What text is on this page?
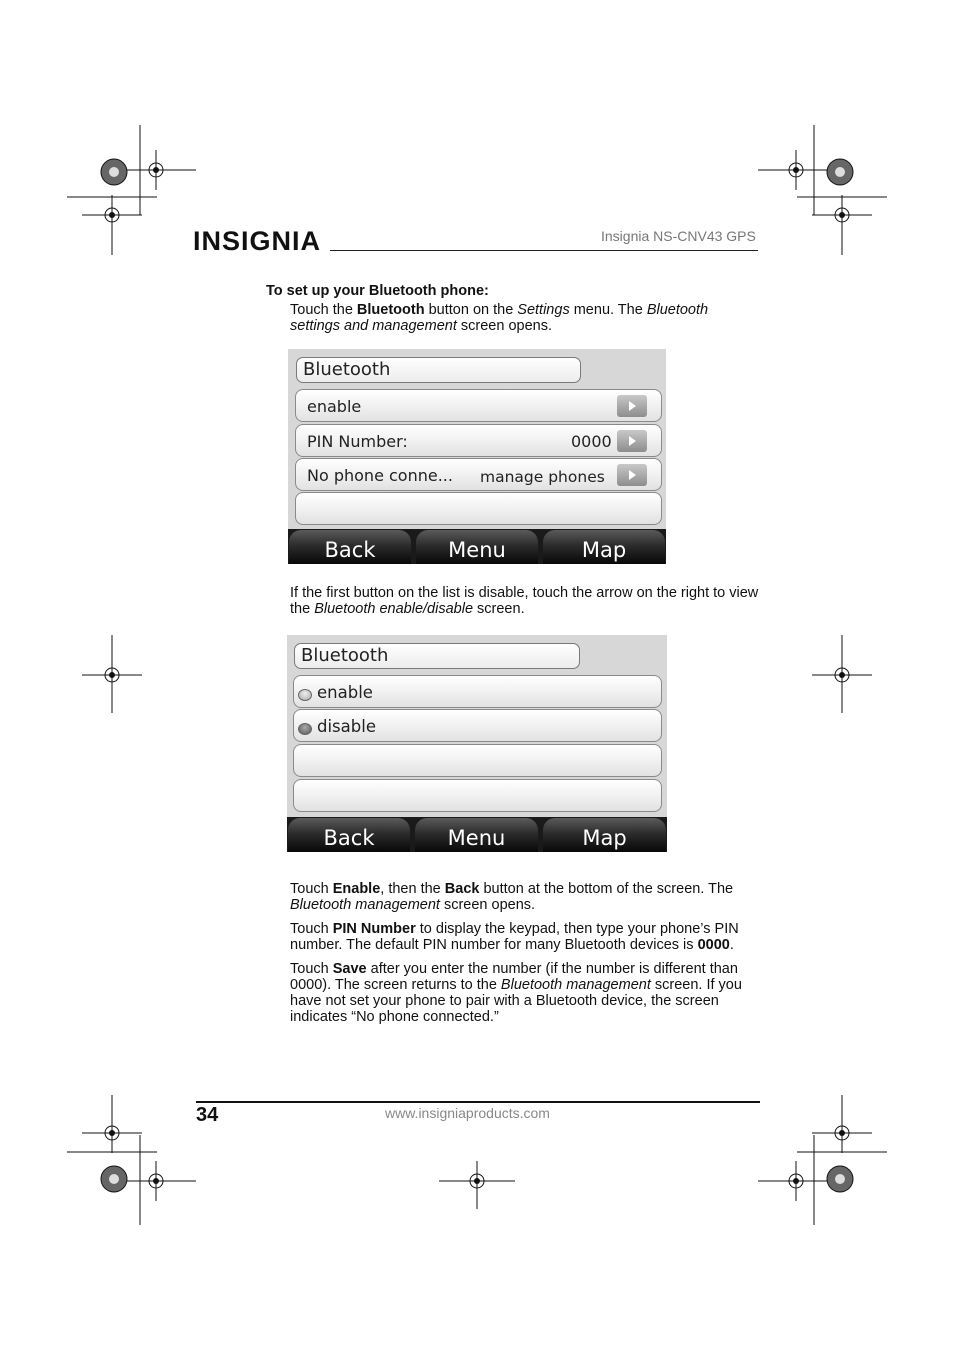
INSIGNIA	Insignia NS-CNV43 GPS
To set up your Bluetooth phone:
Touch the Bluetooth button on the Settings menu. The Bluetooth settings and management screen opens.
Bluetooth
enable
PIN Number:	0000
No phone conne... manage phones
Back	Menu	Map
If the first button on the list is disable, touch the arrow on the right to view the Bluetooth enable/disable screen.
Bluetooth
enable
disable
Back	Menu	Map
Touch Enable, then the Back button at the bottom of the screen. The Bluetooth management screen opens.
Touch PIN Number to display the keypad, then type your phone’s PIN number. The default PIN number for many Bluetooth devices is 0000.
Touch Save after you enter the number (if the number is different than 0000). The screen returns to the Bluetooth management screen. If you have not set your phone to pair with a Bluetooth device, the screen indicates “No phone connected.”
34	www.insigniaproducts.com
